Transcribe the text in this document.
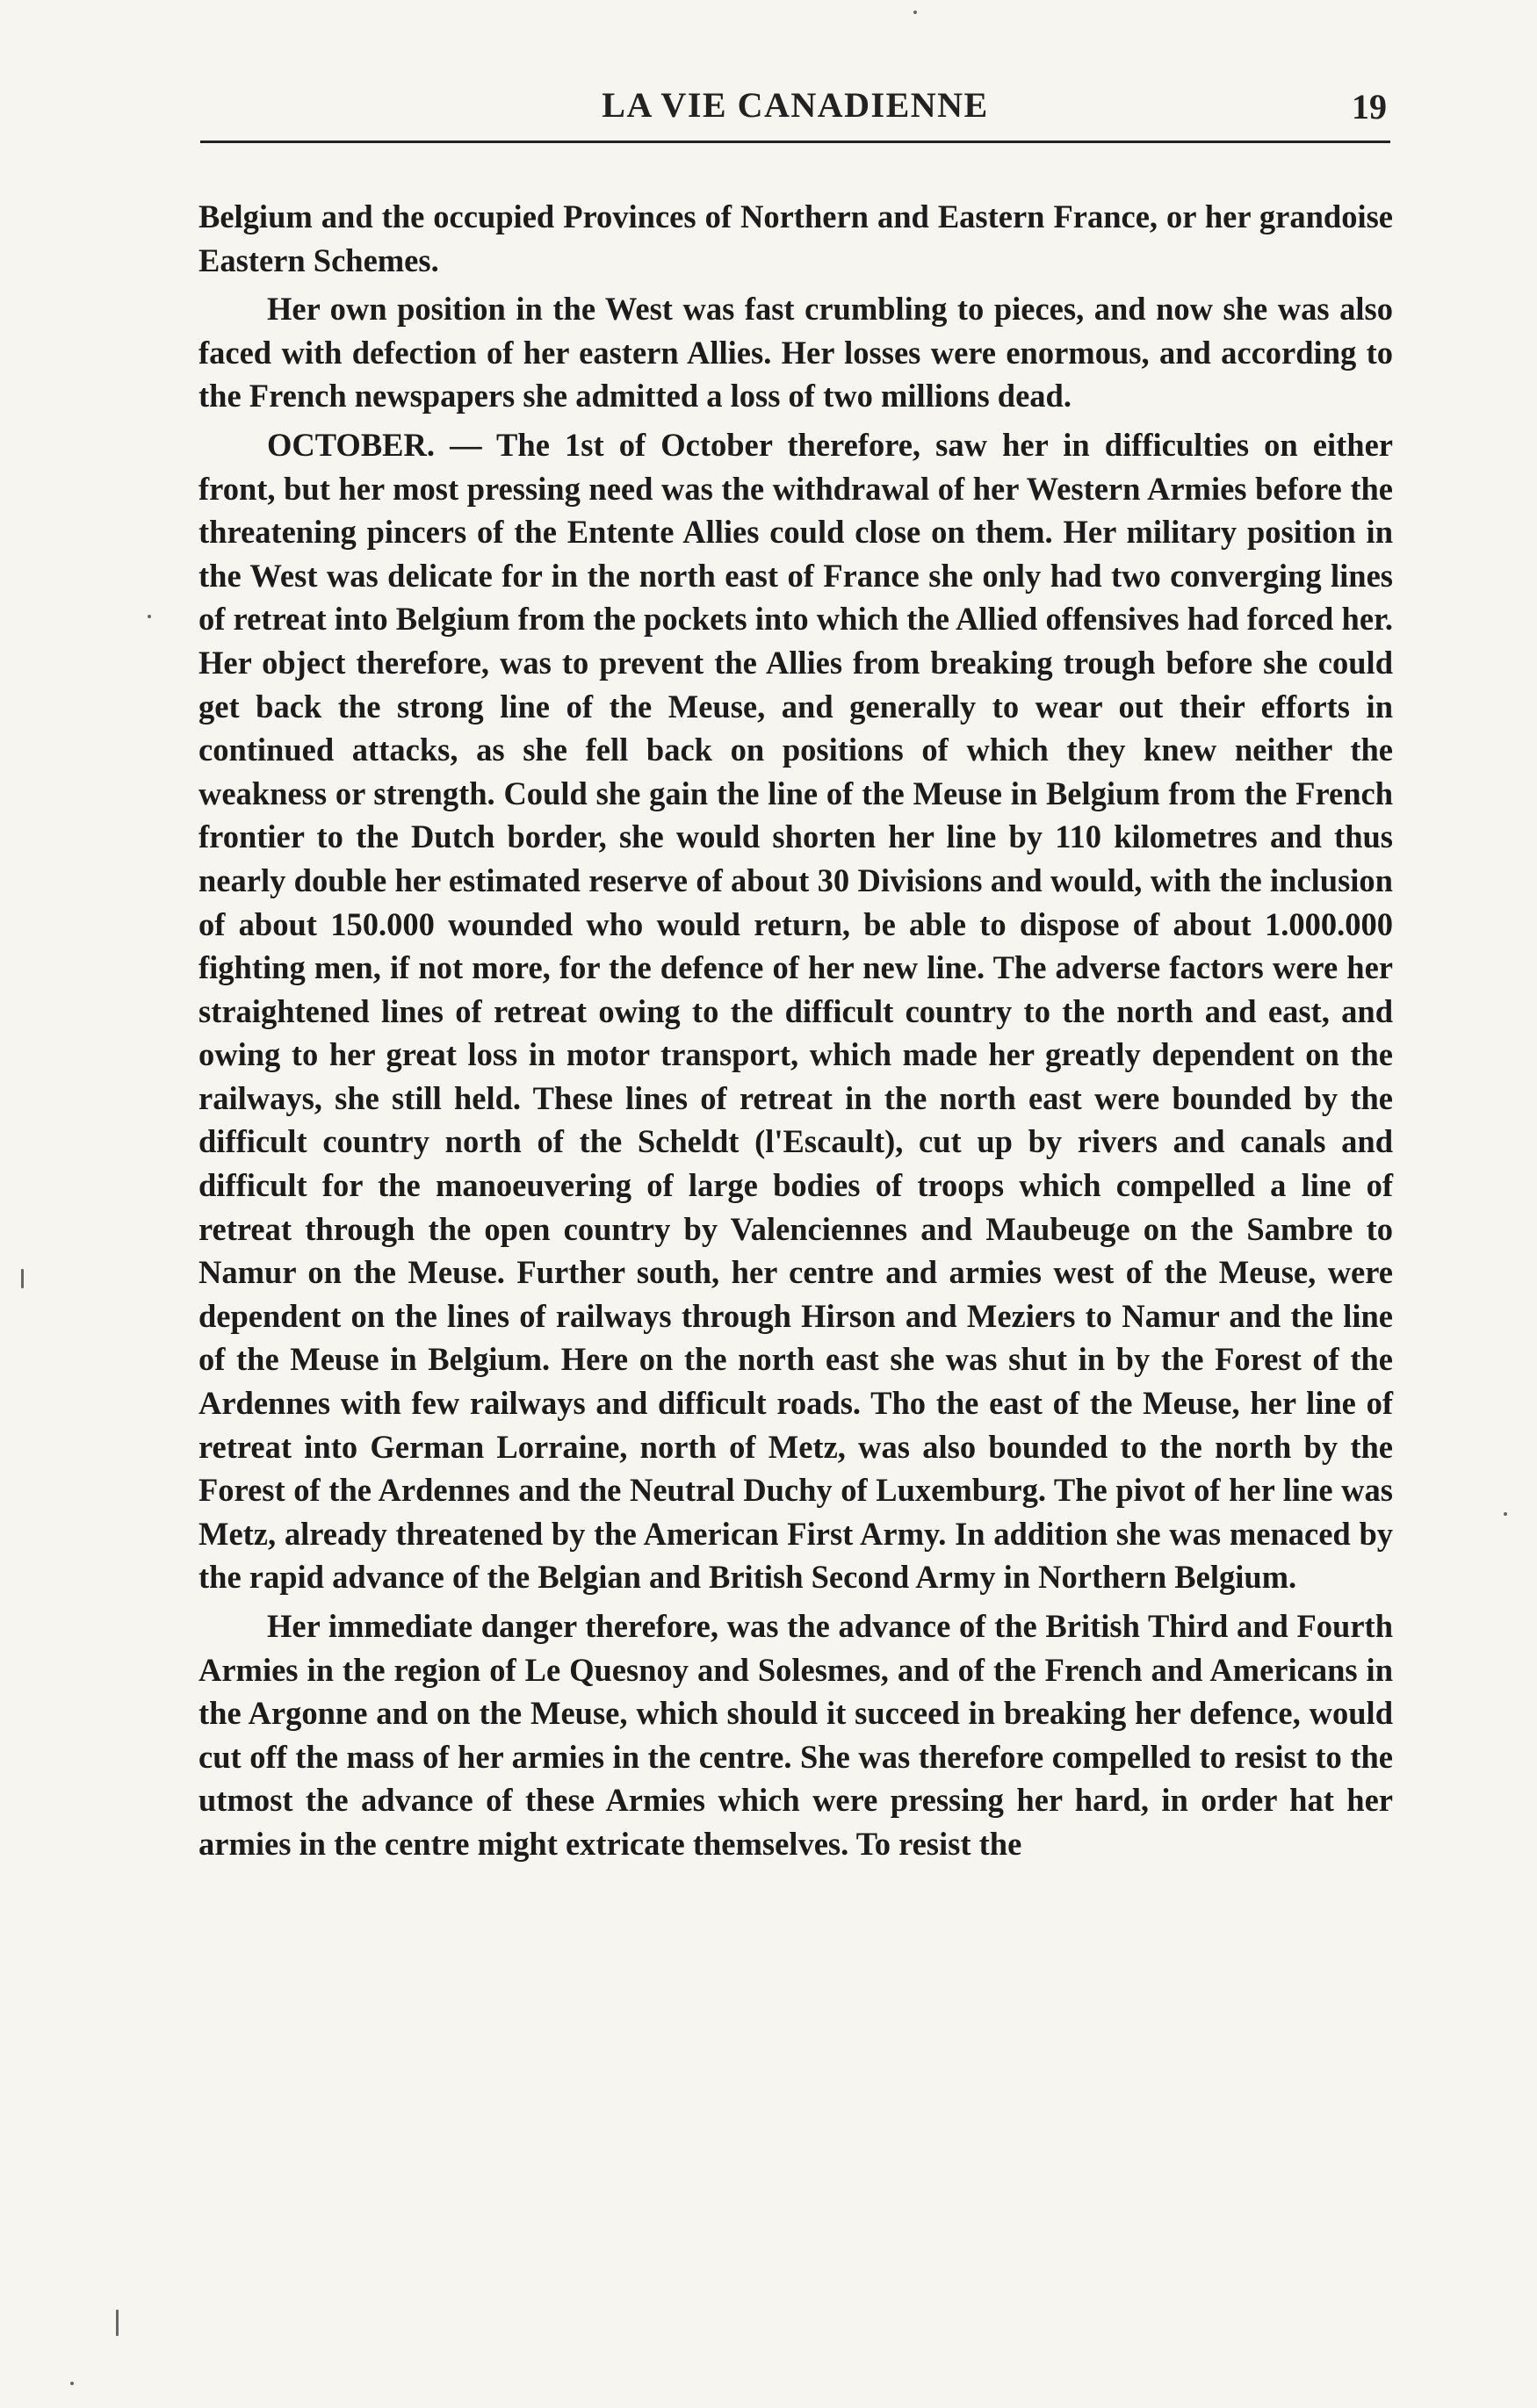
LA VIE CANADIENNE	19

Belgium and the occupied Provinces of Northern and Eastern France, or her grandoise Eastern Schemes.

Her own position in the West was fast crumbling to pieces, and now she was also faced with defection of her eastern Allies. Her losses were enormous, and according to the French newspapers she admitted a loss of two millions dead.

OCTOBER. — The 1st of October therefore, saw her in difficulties on either front, but her most pressing need was the withdrawal of her Western Armies before the threatening pincers of the Entente Allies could close on them. Her military position in the West was delicate for in the north east of France she only had two converging lines of retreat into Belgium from the pockets into which the Allied offensives had forced her. Her object therefore, was to prevent the Allies from breaking trough before she could get back the strong line of the Meuse, and generally to wear out their efforts in continued attacks, as she fell back on positions of which they knew neither the weakness or strength. Could she gain the line of the Meuse in Belgium from the French frontier to the Dutch border, she would shorten her line by 110 kilometres and thus nearly double her estimated reserve of about 30 Divisions and would, with the inclusion of about 150.000 wounded who would return, be able to dispose of about 1.000.000 fighting men, if not more, for the defence of her new line. The adverse factors were her straightened lines of retreat owing to the difficult country to the north and east, and owing to her great loss in motor transport, which made her greatly dependent on the railways, she still held. These lines of retreat in the north east were bounded by the difficult country north of the Scheldt (l'Escault), cut up by rivers and canals and difficult for the manoeuvering of large bodies of troops which compelled a line of retreat through the open country by Valenciennes and Maubeuge on the Sambre to Namur on the Meuse. Further south, her centre and armies west of the Meuse, were dependent on the lines of railways through Hirson and Meziers to Namur and the line of the Meuse in Belgium. Here on the north east she was shut in by the Forest of the Ardennes with few railways and difficult roads. Tho the east of the Meuse, her line of retreat into German Lorraine, north of Metz, was also bounded to the north by the Forest of the Ardennes and the Neutral Duchy of Luxemburg. The pivot of her line was Metz, already threatened by the American First Army. In addition she was menaced by the rapid advance of the Belgian and British Second Army in Northern Belgium.

Her immediate danger therefore, was the advance of the British Third and Fourth Armies in the region of Le Quesnoy and Solesmes, and of the French and Americans in the Argonne and on the Meuse, which should it succeed in breaking her defence, would cut off the mass of her armies in the centre. She was therefore compelled to resist to the utmost the advance of these Armies which were pressing her hard, in order hat her armies in the centre might extricate themselves. To resist the
